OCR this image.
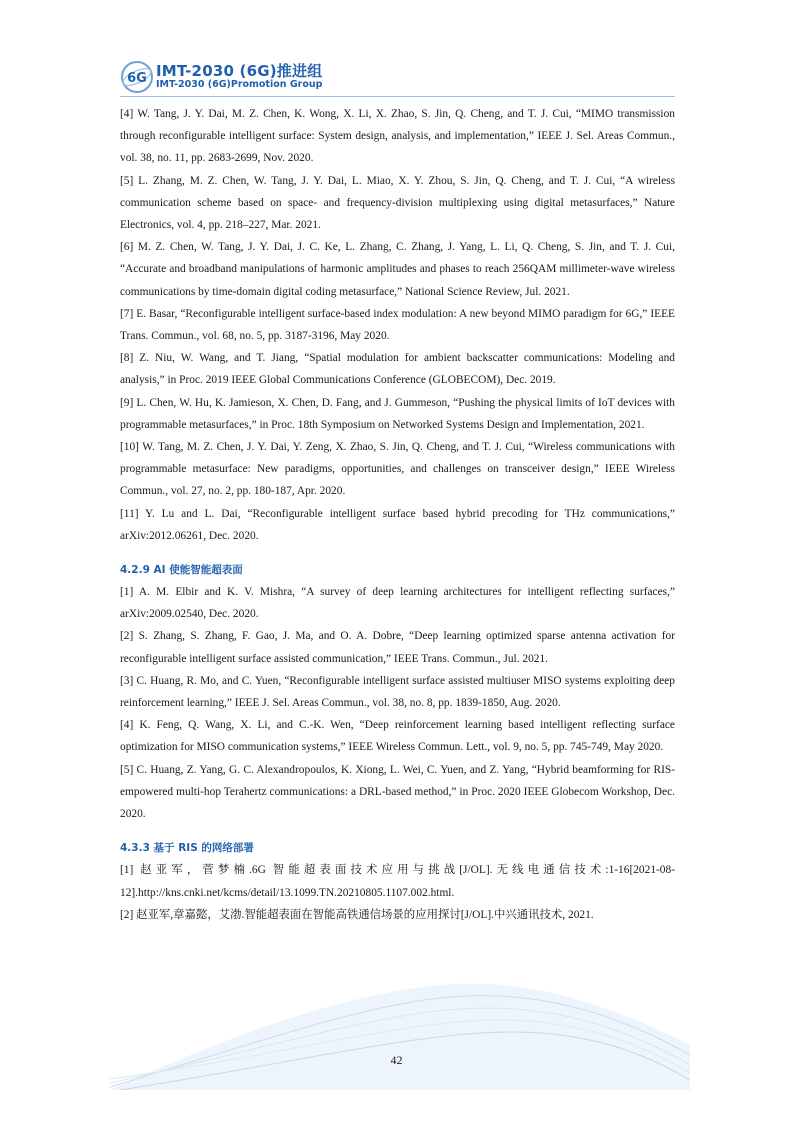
6G IMT-2030 (6G)推进组
IMT-2030 (6G)Promotion Group

[4] W. Tang, J. Y. Dai, M. Z. Chen, K. Wong, X. Li, X. Zhao, S. Jin, Q. Cheng, and T. J. Cui, “MIMO transmission through reconfigurable intelligent surface: System design, analysis, and implementation,” IEEE J. Sel. Areas Commun., vol. 38, no. 11, pp. 2683-2699, Nov. 2020.

[5] L. Zhang, M. Z. Chen, W. Tang, J. Y. Dai, L. Miao, X. Y. Zhou, S. Jin, Q. Cheng, and T. J. Cui, “A wireless communication scheme based on space- and frequency-division multiplexing using digital metasurfaces,” Nature Electronics, vol. 4, pp. 218–227, Mar. 2021.

[6] M. Z. Chen, W. Tang, J. Y. Dai, J. C. Ke, L. Zhang, C. Zhang, J. Yang, L. Li, Q. Cheng, S. Jin, and T. J. Cui, “Accurate and broadband manipulations of harmonic amplitudes and phases to reach 256QAM millimeter-wave wireless communications by time-domain digital coding metasurface,” National Science Review, Jul. 2021.

[7] E. Basar, “Reconfigurable intelligent surface-based index modulation: A new beyond MIMO paradigm for 6G,” IEEE Trans. Commun., vol. 68, no. 5, pp. 3187-3196, May 2020.

[8] Z. Niu, W. Wang, and T. Jiang, “Spatial modulation for ambient backscatter communications: Modeling and analysis,” in Proc. 2019 IEEE Global Communications Conference (GLOBECOM), Dec. 2019.

[9] L. Chen, W. Hu, K. Jamieson, X. Chen, D. Fang, and J. Gummeson, “Pushing the physical limits of IoT devices with programmable metasurfaces,” in Proc. 18th Symposium on Networked Systems Design and Implementation, 2021.

[10] W. Tang, M. Z. Chen, J. Y. Dai, Y. Zeng, X. Zhao, S. Jin, Q. Cheng, and T. J. Cui, “Wireless communications with programmable metasurface: New paradigms, opportunities, and challenges on transceiver design,” IEEE Wireless Commun., vol. 27, no. 2, pp. 180-187, Apr. 2020.

[11] Y. Lu and L. Dai, “Reconfigurable intelligent surface based hybrid precoding for THz communications,” arXiv:2012.06261, Dec. 2020.

4.2.9 AI 使能智能超表面

[1] A. M. Elbir and K. V. Mishra, “A survey of deep learning architectures for intelligent reflecting surfaces,” arXiv:2009.02540, Dec. 2020.

[2] S. Zhang, S. Zhang, F. Gao, J. Ma, and O. A. Dobre, “Deep learning optimized sparse antenna activation for reconfigurable intelligent surface assisted communication,” IEEE Trans. Commun., Jul. 2021.

[3] C. Huang, R. Mo, and C. Yuen, “Reconfigurable intelligent surface assisted multiuser MISO systems exploiting deep reinforcement learning,” IEEE J. Sel. Areas Commun., vol. 38, no. 8, pp. 1839-1850, Aug. 2020.

[4] K. Feng, Q. Wang, X. Li, and C.-K. Wen, “Deep reinforcement learning based intelligent reflecting surface optimization for MISO communication systems,” IEEE Wireless Commun. Lett., vol. 9, no. 5, pp. 745-749, May 2020.

[5] C. Huang, Z. Yang, G. C. Alexandropoulos, K. Xiong, L. Wei, C. Yuen, and Z. Yang, “Hybrid beamforming for RIS-empowered multi-hop Terahertz communications: a DRL-based method,” in Proc. 2020 IEEE Globecom Workshop, Dec. 2020.

4.3.3 基于 RIS 的网络部署

[1] 赵亚军，菅梦楠.6G 智能超表面技术应用与挑战[J/OL].无线电通信技术:1-16[2021-08-12].http://kns.cnki.net/kcms/detail/13.1099.TN.20210805.1107.002.html.

[2] 赵亚军,章嘉懿，艾渤.智能超表面在智能高铁通信场景的应用探讨[J/OL].中兴通讯技术, 2021.

42
